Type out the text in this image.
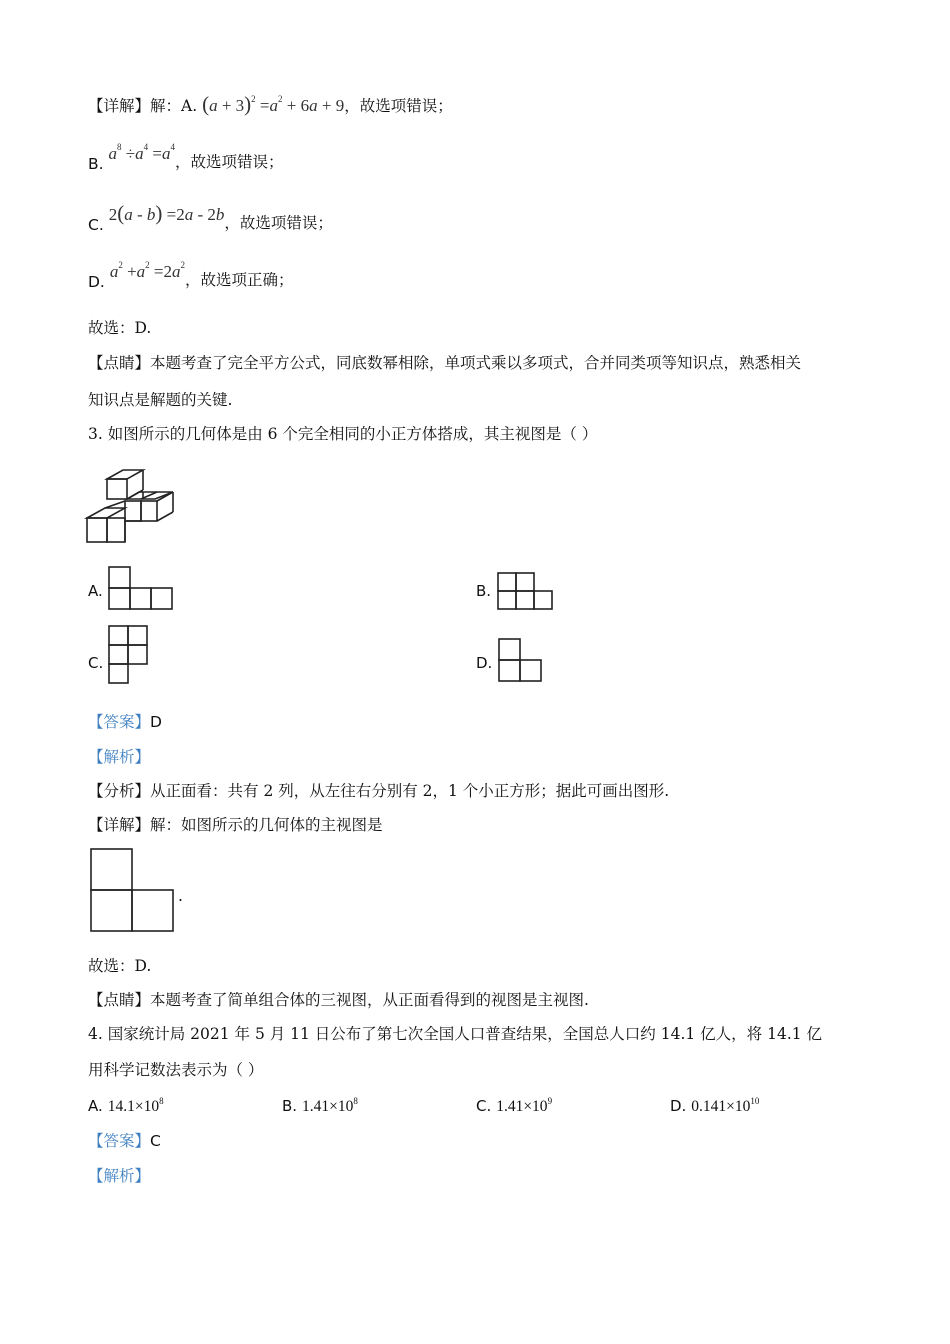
【详解】解：A. $(a + 3)^2 =a^2 + 6a + 9$，故选项错误；
B. $a^8 \div a^4 =a^4$，故选项错误；
C. 2(a - b) =2a - 2b，故选项错误；
D. $a^2 +a^2 =2a^2$，故选项正确；
故选：D.
【点睛】本题考查了完全平方公式，同底数幂相除，单项式乘以多项式，合并同类项等知识点，熟悉相关
知识点是解题的关键.
3. 如图所示的几何体是由 6 个完全相同的小正方体搭成，其主视图是（ ）
A.	B.
C.	D.
【答案】D
【解析】
【分析】从正面看：共有 2 列，从左往右分别有 2，1 个小正方形；据此可画出图形.
【详解】解：如图所示的几何体的主视图是
.
故选：D.
【点睛】本题考查了简单组合体的三视图，从正面看得到的视图是主视图.
4. 国家统计局 2021 年 5 月 11 日公布了第七次全国人口普查结果，全国总人口约 14.1 亿人，将 14.1 亿
用科学记数法表示为（ ）
A. $14.1\times 10^8$	B. $1.41\times 10^8$	C. $1.41\times 10^9$	D. $0.141\times 10^{10}$
【答案】C
【解析】
